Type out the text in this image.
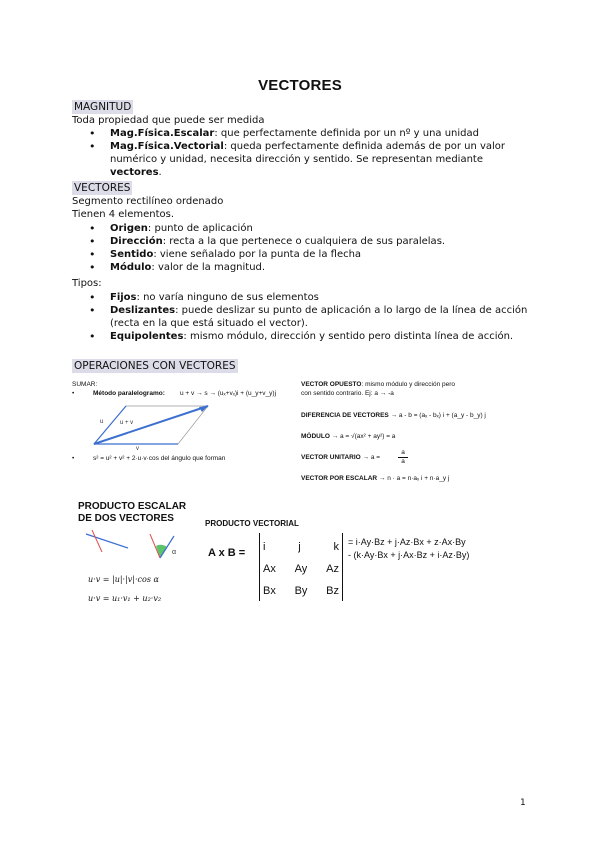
VECTORES
MAGNITUD
Toda propiedad que puede ser medida
• Mag.Física.Escalar: que perfectamente definida por un nº y una unidad
• Mag.Física.Vectorial: queda perfectamente definida además de por un valor numérico y unidad, necesita dirección y sentido. Se representan mediante vectores.
VECTORES
Segmento rectilíneo ordenado
Tienen 4 elementos.
• Origen: punto de aplicación
• Dirección: recta a la que pertenece o cualquiera de sus paralelas.
• Sentido: viene señalado por la punta de la flecha
• Módulo: valor de la magnitud.
Tipos:
• Fijos: no varía ninguno de sus elementos
• Deslizantes: puede deslizar su punto de aplicación a lo largo de la línea de acción (recta en la que está situado el vector).
• Equipolentes: mismo módulo, dirección y sentido pero distinta línea de acción.
OPERACIONES CON VECTORES
SUMAR:
•	Método paralelogramo: u + v → s → (uₓ+vₓ)i + (u_y+v_y)j
u + v
u
v
•	s² = u² + v² + 2·u·v·cos del ángulo que forman
VECTOR OPUESTO: mismo módulo y dirección pero
con sentido contrario. Ej: a → -a
DIFERENCIA DE VECTORES → a - b = (aₓ - bₓ) i + (a_y - b_y) j
MÓDULO → a = √(ax² + ay²) = a
VECTOR UNITARIO → a =
a
a
VECTOR POR ESCALAR → n · a = n·aₓ i + n·a_y j
PRODUCTO ESCALAR
DE DOS VECTORES
α
u·v = |u|·|v|·cos α
u·v = u₁·v₁ + u₂·v₂
PRODUCTO VECTORIAL
A x B = i	j	k
Ax Ay Az
Bx By Bz
= i·Ay·Bz + j·Az·Bx + z·Ax·By
- (k·Ay·Bx + j·Ax·Bz + i·Az·By)
1
